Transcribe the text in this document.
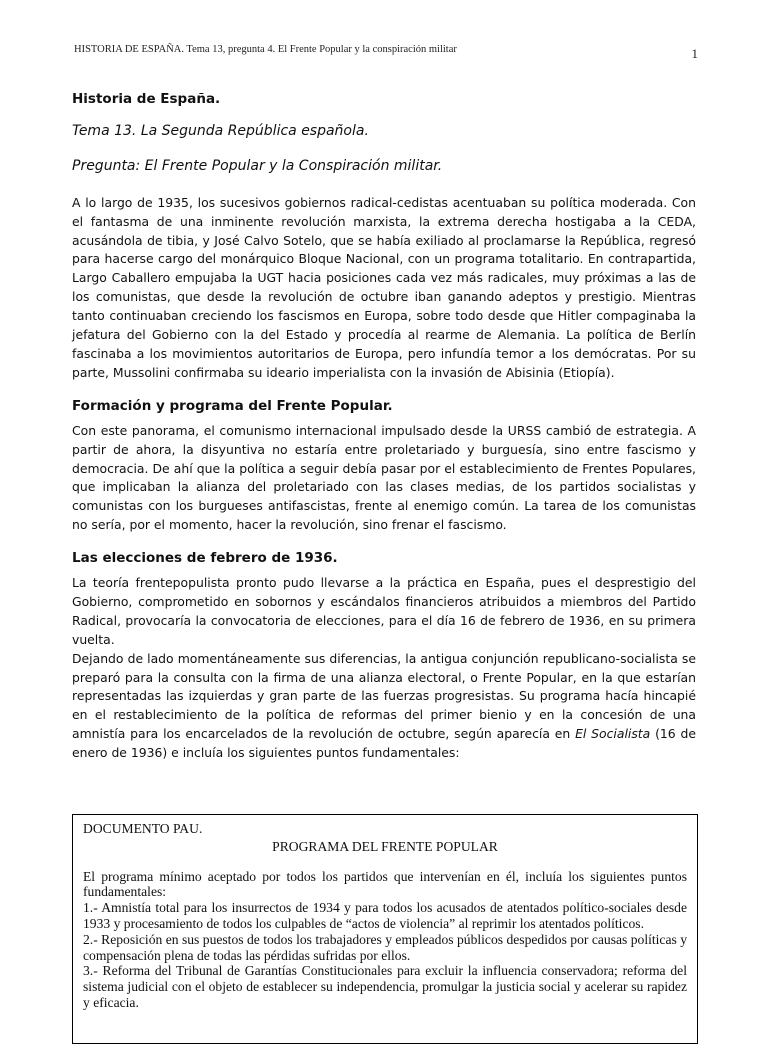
HISTORIA DE ESPAÑA. Tema 13, pregunta 4. El Frente Popular y la conspiración militar	1
Historia de España.
Tema 13. La Segunda República española.
Pregunta: El Frente Popular y la Conspiración militar.

A lo largo de 1935, los sucesivos gobiernos radical-cedistas acentuaban su política moderada. Con el fantasma de una inminente revolución marxista, la extrema derecha hostigaba a la CEDA, acusándola de tibia, y José Calvo Sotelo, que se había exiliado al proclamarse la República, regresó para hacerse cargo del monárquico Bloque Nacional, con un programa totalitario. En contrapartida, Largo Caballero empujaba la UGT hacia posiciones cada vez más radicales, muy próximas a las de los comunistas, que desde la revolución de octubre iban ganando adeptos y prestigio. Mientras tanto continuaban creciendo los fascismos en Europa, sobre todo desde que Hitler compaginaba la jefatura del Gobierno con la del Estado y procedía al rearme de Alemania. La política de Berlín fascinaba a los movimientos autoritarios de Europa, pero infundía temor a los demócratas. Por su parte, Mussolini confirmaba su ideario imperialista con la invasión de Abisinia (Etiopía).

Formación y programa del Frente Popular.

Con este panorama, el comunismo internacional impulsado desde la URSS cambió de estrategia. A partir de ahora, la disyuntiva no estaría entre proletariado y burguesía, sino entre fascismo y democracia. De ahí que la política a seguir debía pasar por el establecimiento de Frentes Populares, que implicaban la alianza del proletariado con las clases medias, de los partidos socialistas y comunistas con los burgueses antifascistas, frente al enemigo común. La tarea de los comunistas no sería, por el momento, hacer la revolución, sino frenar el fascismo.

Las elecciones de febrero de 1936.

La teoría frentepopulista pronto pudo llevarse a la práctica en España, pues el desprestigio del Gobierno, comprometido en sobornos y escándalos financieros atribuidos a miembros del Partido Radical, provocaría la convocatoria de elecciones, para el día 16 de febrero de 1936, en su primera vuelta.

Dejando de lado momentáneamente sus diferencias, la antigua conjunción republicano-socialista se preparó para la consulta con la firma de una alianza electoral, o Frente Popular, en la que estarían representadas las izquierdas y gran parte de las fuerzas progresistas. Su programa hacía hincapié en el restablecimiento de la política de reformas del primer bienio y en la concesión de una amnistía para los encarcelados de la revolución de octubre, según aparecía en El Socialista (16 de enero de 1936) e incluía los siguientes puntos fundamentales:

DOCUMENTO PAU.
PROGRAMA DEL FRENTE POPULAR

El programa mínimo aceptado por todos los partidos que intervenían en él, incluía los siguientes puntos fundamentales:

1.- Amnistía total para los insurrectos de 1934 y para todos los acusados de atentados político-sociales desde 1933 y procesamiento de todos los culpables de “actos de violencia” al reprimir los atentados políticos.

2.- Reposición en sus puestos de todos los trabajadores y empleados públicos despedidos por causas políticas y compensación plena de todas las pérdidas sufridas por ellos.

3.- Reforma del Tribunal de Garantías Constitucionales para excluir la influencia conservadora; reforma del sistema judicial con el objeto de establecer su independencia, promulgar la justicia social y acelerar su rapidez y eficacia.
